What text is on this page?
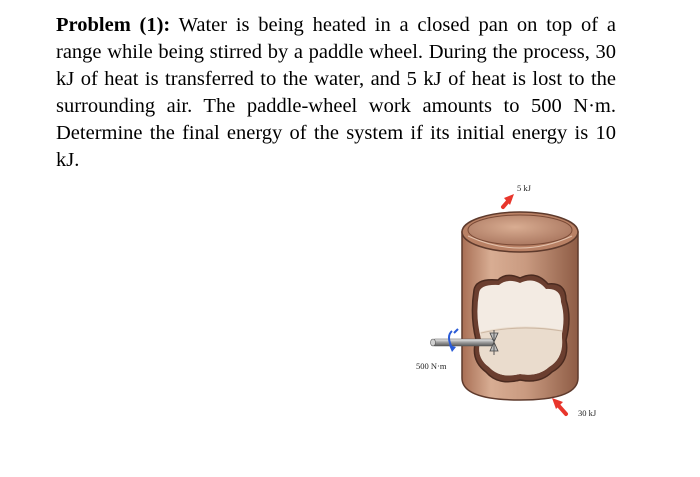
Problem (1): Water is being heated in a closed pan on top of a range while being stirred by a paddle wheel. During the process, 30 kJ of heat is transferred to the water, and 5 kJ of heat is lost to the surrounding air. The paddle-wheel work amounts to 500 N·m. Determine the final energy of the system if its initial energy is 10 kJ.

5 kJ
500 N·m
30 kJ
